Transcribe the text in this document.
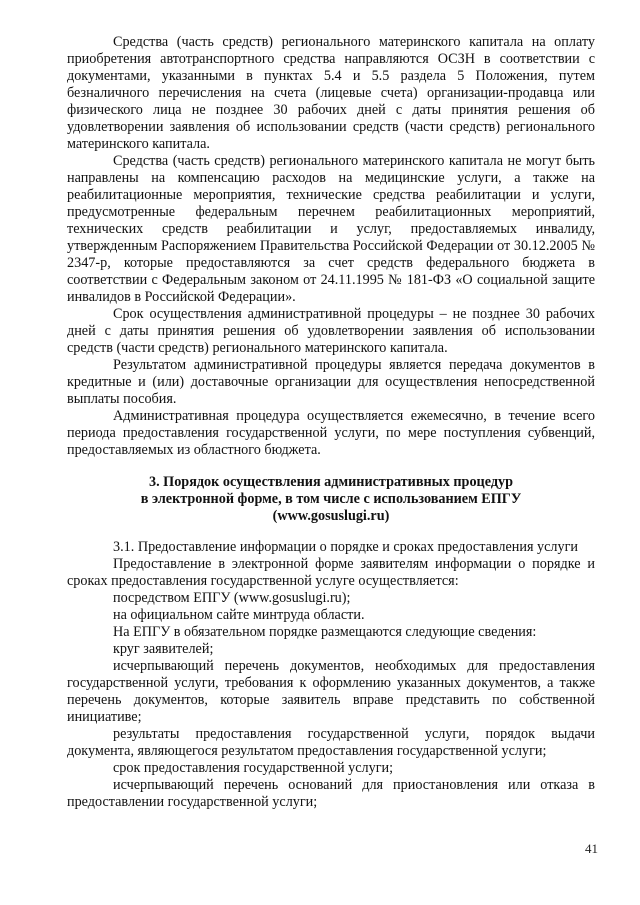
Средства (часть средств) регионального материнского капитала на оплату приобретения автотранспортного средства направляются ОСЗН в соответствии с документами, указанными в пунктах 5.4 и 5.5 раздела 5 Положения, путем безналичного перечисления на счета (лицевые счета) организации-продавца или физического лица не позднее 30 рабочих дней с даты принятия решения об удовлетворении заявления об использовании средств (части средств) регионального материнского капитала.

Средства (часть средств) регионального материнского капитала не могут быть направлены на компенсацию расходов на медицинские услуги, а также на реабилитационные мероприятия, технические средства реабилитации и услуги, предусмотренные федеральным перечнем реабилитационных мероприятий, технических средств реабилитации и услуг, предоставляемых инвалиду, утвержденным Распоряжением Правительства Российской Федерации от 30.12.2005 № 2347-р, которые предоставляются за счет средств федерального бюджета в соответствии с Федеральным законом от 24.11.1995 № 181-ФЗ «О социальной защите инвалидов в Российской Федерации».

Срок осуществления административной процедуры – не позднее 30 рабочих дней с даты принятия решения об удовлетворении заявления об использовании средств (части средств) регионального материнского капитала.

Результатом административной процедуры является передача документов в кредитные и (или) доставочные организации для осуществления непосредственной выплаты пособия.

Административная процедура осуществляется ежемесячно, в течение всего периода предоставления государственной услуги, по мере поступления субвенций, предоставляемых из областного бюджета.

3. Порядок осуществления административных процедур
в электронной форме, в том числе с использованием ЕПГУ
(www.gosuslugi.ru)

3.1. Предоставление информации о порядке и сроках предоставления услуги

Предоставление в электронной форме заявителям информации о порядке и сроках предоставления государственной услуге осуществляется:

посредством ЕПГУ (www.gosuslugi.ru);

на официальном сайте минтруда области.

На ЕПГУ в обязательном порядке размещаются следующие сведения:

круг заявителей;

исчерпывающий перечень документов, необходимых для предоставления государственной услуги, требования к оформлению указанных документов, а также перечень документов, которые заявитель вправе представить по собственной инициативе;

результаты предоставления государственной услуги, порядок выдачи документа, являющегося результатом предоставления государственной услуги;

срок предоставления государственной услуги;

исчерпывающий перечень оснований для приостановления или отказа в предоставлении государственной услуги;

41
